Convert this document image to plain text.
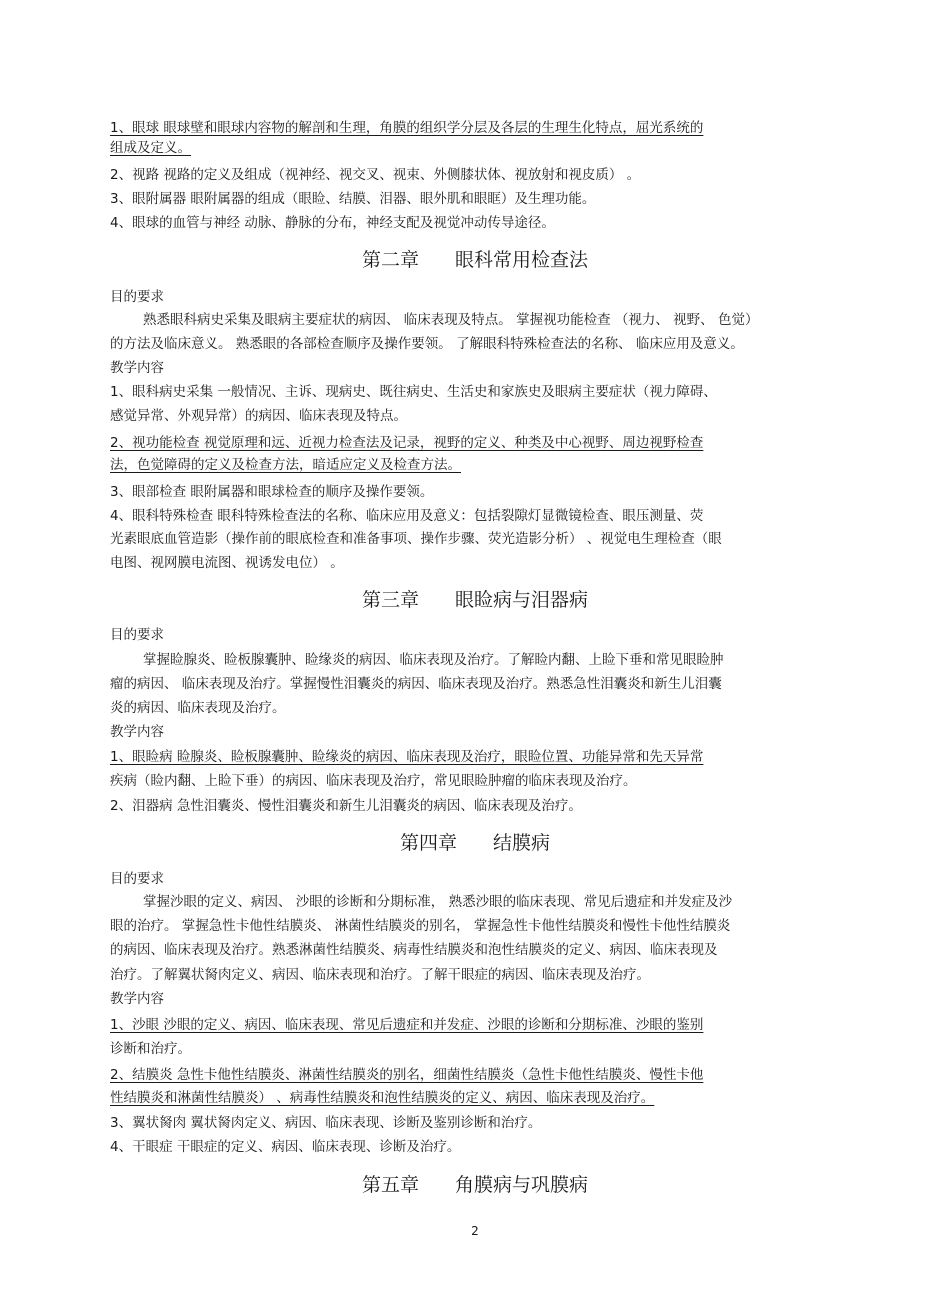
1、眼球 眼球壁和眼球内容物的解剖和生理，角膜的组织学分层及各层的生理生化特点，屈光系统的
组成及定义。
2、视路 视路的定义及组成（视神经、视交叉、视束、外侧膝状体、视放射和视皮质） 。
3、眼附属器 眼附属器的组成（眼睑、结膜、泪器、眼外肌和眼眶）及生理功能。
4、眼球的血管与神经 动脉、静脉的分布，神经支配及视觉冲动传导途径。
第二章 眼科常用检查法
目的要求
熟悉眼科病史采集及眼病主要症状的病因、 临床表现及特点。 掌握视功能检查 （视力、 视野、 色觉）
的方法及临床意义。 熟悉眼的各部检查顺序及操作要领。 了解眼科特殊检查法的名称、 临床应用及意义。
教学内容
1、眼科病史采集 一般情况、主诉、现病史、既往病史、生活史和家族史及眼病主要症状（视力障碍、
感觉异常、外观异常）的病因、临床表现及特点。
2、视功能检查 视觉原理和远、近视力检查法及记录，视野的定义、种类及中心视野、周边视野检查
法，色觉障碍的定义及检查方法，暗适应定义及检查方法。
3、眼部检查 眼附属器和眼球检查的顺序及操作要领。
4、眼科特殊检查 眼科特殊检查法的名称、临床应用及意义：包括裂隙灯显微镜检查、眼压测量、荧
光素眼底血管造影（操作前的眼底检查和准备事项、操作步骤、荧光造影分析） 、视觉电生理检查（眼
电图、视网膜电流图、视诱发电位） 。
第三章 眼睑病与泪器病
目的要求
掌握睑腺炎、睑板腺囊肿、睑缘炎的病因、临床表现及治疗。了解睑内翻、上睑下垂和常见眼睑肿
瘤的病因、 临床表现及治疗。掌握慢性泪囊炎的病因、临床表现及治疗。熟悉急性泪囊炎和新生儿泪囊
炎的病因、临床表现及治疗。
教学内容
1、眼睑病 睑腺炎、睑板腺囊肿、睑缘炎的病因、临床表现及治疗，眼睑位置、功能异常和先天异常
疾病（睑内翻、上睑下垂）的病因、临床表现及治疗，常见眼睑肿瘤的临床表现及治疗。
2、泪器病 急性泪囊炎、慢性泪囊炎和新生儿泪囊炎的病因、临床表现及治疗。
第四章 结膜病
目的要求
掌握沙眼的定义、病因、 沙眼的诊断和分期标准， 熟悉沙眼的临床表现、常见后遗症和并发症及沙
眼的治疗。 掌握急性卡他性结膜炎、 淋菌性结膜炎的别名， 掌握急性卡他性结膜炎和慢性卡他性结膜炎
的病因、临床表现及治疗。熟悉淋菌性结膜炎、病毒性结膜炎和泡性结膜炎的定义、病因、临床表现及
治疗。了解翼状胬肉定义、病因、临床表现和治疗。了解干眼症的病因、临床表现及治疗。
教学内容
1、沙眼 沙眼的定义、病因、临床表现、常见后遗症和并发症、沙眼的诊断和分期标准、沙眼的鉴别
诊断和治疗。
2、结膜炎 急性卡他性结膜炎、淋菌性结膜炎的别名，细菌性结膜炎（急性卡他性结膜炎、慢性卡他
性结膜炎和淋菌性结膜炎） 、病毒性结膜炎和泡性结膜炎的定义、病因、临床表现及治疗。
3、翼状胬肉 翼状胬肉定义、病因、临床表现、诊断及鉴别诊断和治疗。
4、干眼症 干眼症的定义、病因、临床表现、诊断及治疗。
第五章 角膜病与巩膜病
2
